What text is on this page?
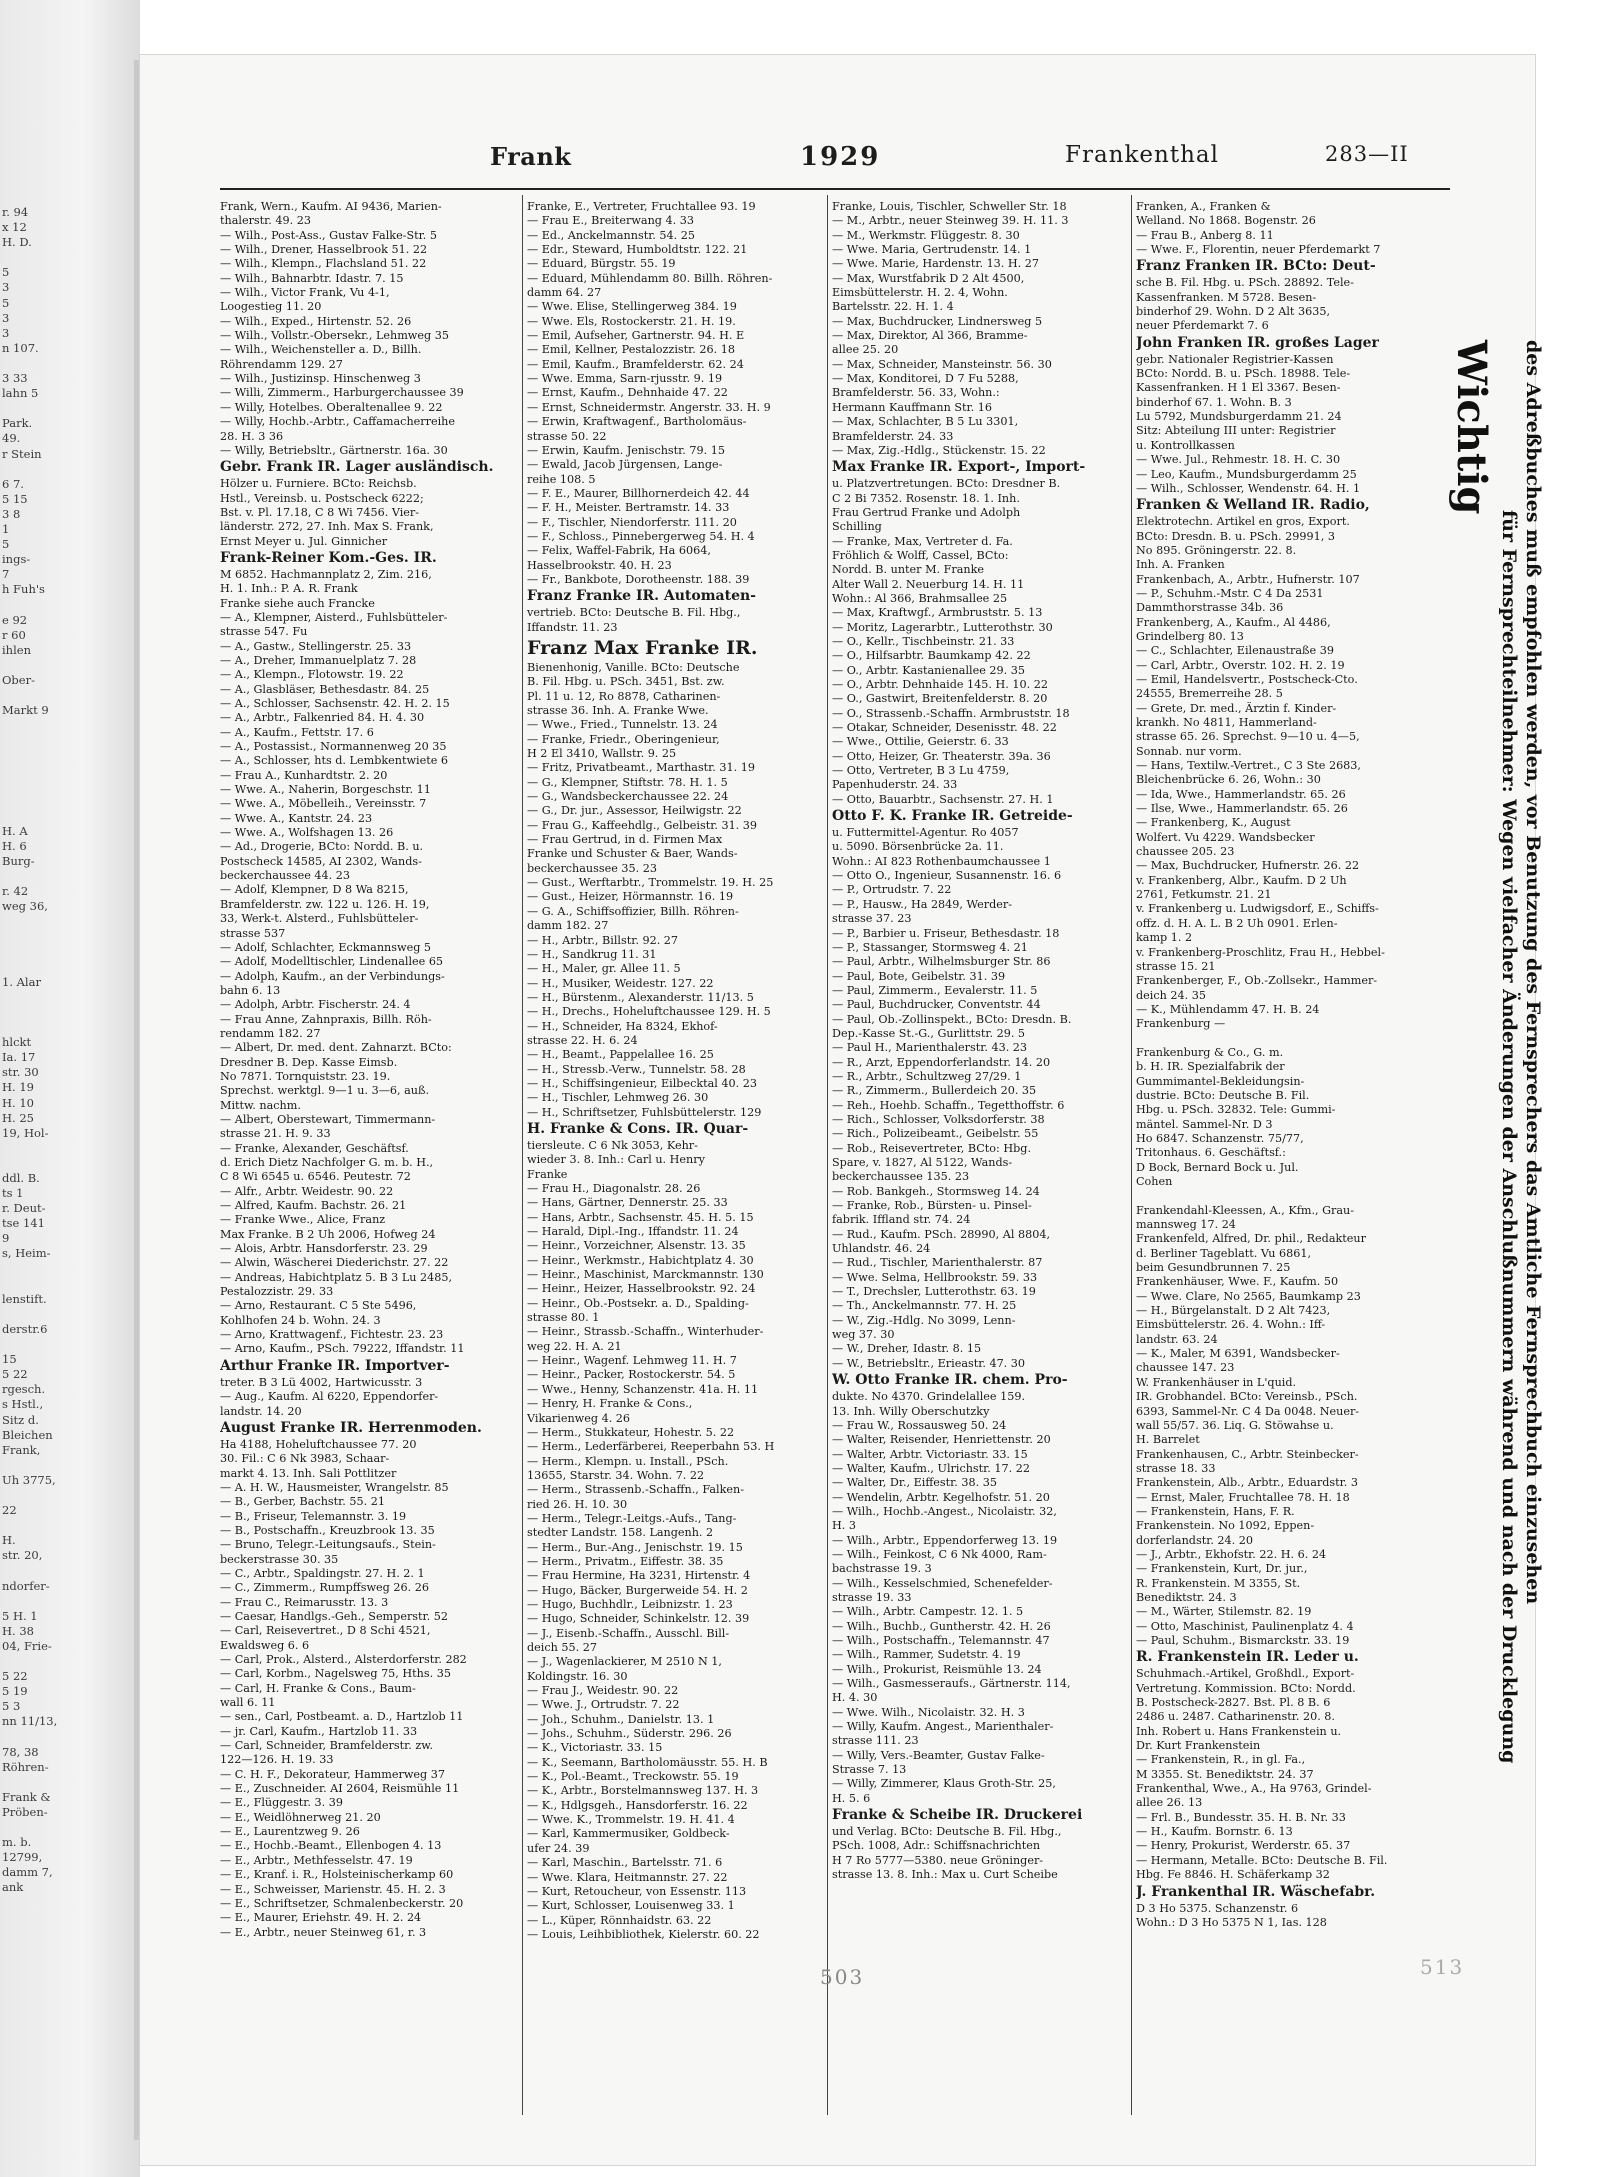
r. 94
x 12
H. D.
5
3
5
3
3
n 107.
3 33
lahn 5
Park.
49.
r Stein
6 7.
5 15
3 8
1
5
ings-
7
h Fuh's
e 92
r 60
ihlen
Ober-
Markt 9
H. A
H. 6
Burg-
r. 42
weg 36,
1. Alar
hlckt
Ia. 17
str. 30
H. 19
H. 10
H. 25
19, Hol-
ddl. B.
ts 1
r. Deut-
tse 141
9
s, Heim-
lenstift.
derstr.6
15
5 22
rgesch.
s Hstl.,
Sitz d.
Bleichen
Frank,
Uh 3775,
22
H.
str. 20,
ndorfer-
5 H. 1
H. 38
04, Frie-
5 22
5 19
5 3
nn 11/13,
78, 38
Röhren-
Frank &
Pröben-
m. b.
12799,
damm 7,
ank
Frank	1929	Frankenthal	283—II
Frank, Wern., Kaufm. AI 9436, Marien-
thalerstr. 49. 23
— Wilh., Post-Ass., Gustav Falke-Str. 5
— Wilh., Drener, Hasselbrook 51. 22
— Wilh., Klempn., Flachsland 51. 22
— Wilh., Bahnarbtr. Idastr. 7. 15
— Wilh., Victor Frank, Vu 4-1,
Loogestieg 11. 20
— Wilh., Exped., Hirtenstr. 52. 26
— Wilh., Vollstr.-Obersekr., Lehmweg 35
— Wilh., Weichensteller a. D., Billh.
Röhrendamm 129. 27
— Wilh., Justizinsp. Hinschenweg 3
— Willi, Zimmerm., Harburgerchaussee 39
— Willy, Hotelbes. Oberaltenallee 9. 22
— Willy, Hochb.-Arbtr., Caffamacherreihe
28. H. 3 36
— Willy, Betriebsltr., Gärtnerstr. 16a. 30
Gebr. Frank IR. Lager ausländisch.
Hölzer u. Furniere. BCto: Reichsb.
Hstl., Vereinsb. u. Postscheck 6222;
Bst. v. Pl. 17.18, C 8 Wi 7456. Vier-
länderstr. 272, 27. Inh. Max S. Frank,
Ernst Meyer u. Jul. Ginnicher
Frank-Reiner Kom.-Ges. IR.
M 6852. Hachmannplatz 2, Zim. 216,
H. 1. Inh.: P. A. R. Frank
Franke siehe auch Francke
— A., Klempner, Aisterd., Fuhlsbütteler-
strasse 547. Fu
— A., Gastw., Stellingerstr. 25. 33
— A., Dreher, Immanuelplatz 7. 28
— A., Klempn., Flotowstr. 19. 22
— A., Glasbläser, Bethesdastr. 84. 25
— A., Schlosser, Sachsenstr. 42. H. 2. 15
— A., Arbtr., Falkenried 84. H. 4. 30
— A., Kaufm., Fettstr. 17. 6
— A., Postassist., Normannenweg 20 35
— A., Schlosser, hts d. Lembkentwiete 6
— Frau A., Kunhardtstr. 2. 20
— Wwe. A., Naherin, Borgeschstr. 11
— Wwe. A., Möbelleih., Vereinsstr. 7
— Wwe. A., Kantstr. 24. 23
— Wwe. A., Wolfshagen 13. 26
— Ad., Drogerie, BCto: Nordd. B. u.
Postscheck 14585, AI 2302, Wands-
beckerchaussee 44. 23
— Adolf, Klempner, D 8 Wa 8215,
Bramfelderstr. zw. 122 u. 126. H. 19,
33, Werk-t. Alsterd., Fuhlsbütteler-
strasse 537
— Adolf, Schlachter, Eckmannsweg 5
— Adolf, Modelltischler, Lindenallee 65
— Adolph, Kaufm., an der Verbindungs-
bahn 6. 13
— Adolph, Arbtr. Fischerstr. 24. 4
— Frau Anne, Zahnpraxis, Billh. Röh-
rendamm 182. 27
— Albert, Dr. med. dent. Zahnarzt. BCto:
Dresdner B. Dep. Kasse Eimsb.
No 7871. Tornquiststr. 23. 19.
Sprechst. werktgl. 9—1 u. 3—6, auß.
Mittw. nachm.
— Albert, Oberstewart, Timmermann-
strasse 21. H. 9. 33
— Franke, Alexander, Geschäftsf.
d. Erich Dietz Nachfolger G. m. b. H.,
C 8 Wi 6545 u. 6546. Peutestr. 72
— Alfr., Arbtr. Weidestr. 90. 22
— Alfred, Kaufm. Bachstr. 26. 21
— Franke Wwe., Alice, Franz
Max Franke. B 2 Uh 2006, Hofweg 24
— Alois, Arbtr. Hansdorferstr. 23. 29
— Alwin, Wäscherei Diederichstr. 27. 22
— Andreas, Habichtplatz 5. B 3 Lu 2485,
Pestalozzistr. 29. 33
— Arno, Restaurant. C 5 Ste 5496,
Kohlhofen 24 b. Wohn. 24. 3
— Arno, Krattwagenf., Fichtestr. 23. 23
— Arno, Kaufm., PSch. 79222, Iffandstr. 11
Arthur Franke IR. Importver-
treter. B 3 Lü 4002, Hartwicusstr. 3
— Aug., Kaufm. Al 6220, Eppendorfer-
landstr. 14. 20
August Franke IR. Herrenmoden.
Ha 4188, Hoheluftchaussee 77. 20
30. Fil.: C 6 Nk 3983, Schaar-
markt 4. 13. Inh. Sali Pottlitzer
— A. H. W., Hausmeister, Wrangelstr. 85
— B., Gerber, Bachstr. 55. 21
— B., Friseur, Telemannstr. 3. 19
— B., Postschaffn., Kreuzbrook 13. 35
— Bruno, Telegr.-Leitungsaufs., Stein-
beckerstrasse 30. 35
— C., Arbtr., Spaldingstr. 27. H. 2. 1
— C., Zimmerm., Rumpffsweg 26. 26
— Frau C., Reimarusstr. 13. 3
— Caesar, Handlgs.-Geh., Semperstr. 52
— Carl, Reisevertret., D 8 Schi 4521,
Ewaldsweg 6. 6
— Carl, Prok., Alsterd., Alsterdorferstr. 282
— Carl, Korbm., Nagelsweg 75, Hths. 35
— Carl, H. Franke & Cons., Baum-
wall 6. 11
— sen., Carl, Postbeamt. a. D., Hartzlob 11
— jr. Carl, Kaufm., Hartzlob 11. 33
— Carl, Schneider, Bramfelderstr. zw.
122—126. H. 19. 33
— C. H. F., Dekorateur, Hammerweg 37
— E., Zuschneider. AI 2604, Reismühle 11
— E., Flüggestr. 3. 39
— E., Weidlöhnerweg 21. 20
— E., Laurentzweg 9. 26
— E., Hochb.-Beamt., Ellenbogen 4. 13
— E., Arbtr., Methfesselstr. 47. 19
— E., Kranf. i. R., Holsteinischerkamp 60
— E., Schweisser, Marienstr. 45. H. 2. 3
— E., Schriftsetzer, Schmalenbeckerstr. 20
— E., Maurer, Eriehstr. 49. H. 2. 24
— E., Arbtr., neuer Steinweg 61, r. 3
Franke, E., Vertreter, Fruchtallee 93. 19
— Frau E., Breiterwang 4. 33
— Ed., Anckelmannstr. 54. 25
— Edr., Steward, Humboldtstr. 122. 21
— Eduard, Bürgstr. 55. 19
— Eduard, Mühlendamm 80. Billh. Röhren-
damm 64. 27
— Wwe. Elise, Stellingerweg 384. 19
— Wwe. Els, Rostockerstr. 21. H. 19.
— Emil, Aufseher, Gartnerstr. 94. H. E
— Emil, Kellner, Pestalozzistr. 26. 18
— Emil, Kaufm., Bramfelderstr. 62. 24
— Wwe. Emma, Sarn-rjusstr. 9. 19
— Ernst, Kaufm., Dehnhaide 47. 22
— Ernst, Schneidermstr. Angerstr. 33. H. 9
— Erwin, Kraftwagenf., Bartholomäus-
strasse 50. 22
— Erwin, Kaufm. Jenischstr. 79. 15
— Ewald, Jacob Jürgensen, Lange-
reihe 108. 5
— F. E., Maurer, Billhornerdeich 42. 44
— F. H., Meister. Bertramstr. 14. 33
— F., Tischler, Niendorferstr. 111. 20
— F., Schloss., Pinnebergerweg 54. H. 4
— Felix, Waffel-Fabrik, Ha 6064,
Hasselbrookstr. 40. H. 23
— Fr., Bankbote, Dorotheenstr. 188. 39
Franz Franke IR. Automaten-
vertrieb. BCto: Deutsche B. Fil. Hbg.,
Iffandstr. 11. 23
Franz Max Franke IR.
Bienenhonig, Vanille. BCto: Deutsche
B. Fil. Hbg. u. PSch. 3451, Bst. zw.
Pl. 11 u. 12, Ro 8878, Catharinen-
strasse 36. Inh. A. Franke Wwe.
— Wwe., Fried., Tunnelstr. 13. 24
— Franke, Friedr., Oberingenieur,
H 2 El 3410, Wallstr. 9. 25
— Fritz, Privatbeamt., Marthastr. 31. 19
— G., Klempner, Stiftstr. 78. H. 1. 5
— G., Wandsbeckerchaussee 22. 24
— G., Dr. jur., Assessor, Heilwigstr. 22
— Frau G., Kaffeehdlg., Gelbeistr. 31. 39
— Frau Gertrud, in d. Firmen Max
Franke und Schuster & Baer, Wands-
beckerchaussee 35. 23
— Gust., Werftarbtr., Trommelstr. 19. H. 25
— Gust., Heizer, Hörmannstr. 16. 19
— G. A., Schiffsoffizier, Billh. Röhren-
damm 182. 27
— H., Arbtr., Billstr. 92. 27
— H., Sandkrug 11. 31
— H., Maler, gr. Allee 11. 5
— H., Musiker, Weidestr. 127. 22
— H., Bürstenm., Alexanderstr. 11/13. 5
— H., Drechs., Hoheluftchaussee 129. H. 5
— H., Schneider, Ha 8324, Ekhof-
strasse 22. H. 6. 24
— H., Beamt., Pappelallee 16. 25
— H., Stressb.-Verw., Tunnelstr. 58. 28
— H., Schiffsingenieur, Eilbecktal 40. 23
— H., Tischler, Lehmweg 26. 30
— H., Schriftsetzer, Fuhlsbüttelerstr. 129
H. Franke & Cons. IR. Quar-
tiersleute. C 6 Nk 3053, Kehr-
wieder 3. 8. Inh.: Carl u. Henry
Franke
— Frau H., Diagonalstr. 28. 26
— Hans, Gärtner, Dennerstr. 25. 33
— Hans, Arbtr., Sachsenstr. 45. H. 5. 15
— Harald, Dipl.-Ing., Iffandstr. 11. 24
— Heinr., Vorzeichner, Alsenstr. 13. 35
— Heinr., Werkmstr., Habichtplatz 4. 30
— Heinr., Maschinist, Marckmannstr. 130
— Heinr., Heizer, Hasselbrookstr. 92. 24
— Heinr., Ob.-Postsekr. a. D., Spalding-
strasse 80. 1
— Heinr., Strassb.-Schaffn., Winterhuder-
weg 22. H. A. 21
— Heinr., Wagenf. Lehmweg 11. H. 7
— Heinr., Packer, Rostockerstr. 54. 5
— Wwe., Henny, Schanzenstr. 41a. H. 11
— Henry, H. Franke & Cons.,
Vikarienweg 4. 26
— Herm., Stukkateur, Hohestr. 5. 22
— Herm., Lederfärberei, Reeperbahn 53. H
— Herm., Klempn. u. Install., PSch.
13655, Starstr. 34. Wohn. 7. 22
— Herm., Strassenb.-Schaffn., Falken-
ried 26. H. 10. 30
— Herm., Telegr.-Leitgs.-Aufs., Tang-
stedter Landstr. 158. Langenh. 2
— Herm., Bur.-Ang., Jenischstr. 19. 15
— Herm., Privatm., Eiffestr. 38. 35
— Frau Hermine, Ha 3231, Hirtenstr. 4
— Hugo, Bäcker, Burgerweide 54. H. 2
— Hugo, Buchhdlr., Leibnizstr. 1. 23
— Hugo, Schneider, Schinkelstr. 12. 39
— J., Eisenb.-Schaffn., Ausschl. Bill-
deich 55. 27
— J., Wagenlackierer, M 2510 N 1,
Koldingstr. 16. 30
— Frau J., Weidestr. 90. 22
— Wwe. J., Ortrudstr. 7. 22
— Joh., Schuhm., Danielstr. 13. 1
— Johs., Schuhm., Süderstr. 296. 26
— K., Victoriastr. 33. 15
— K., Seemann, Bartholomäusstr. 55. H. B
— K., Pol.-Beamt., Treckowstr. 55. 19
— K., Arbtr., Borstelmannsweg 137. H. 3
— K., Hdlgsgeh., Hansdorferstr. 16. 22
— Wwe. K., Trommelstr. 19. H. 41. 4
— Karl, Kammermusiker, Goldbeck-
ufer 24. 39
— Karl, Maschin., Bartelsstr. 71. 6
— Wwe. Klara, Heitmannstr. 27. 22
— Kurt, Retoucheur, von Essenstr. 113
— Kurt, Schlosser, Louisenweg 33. 1
— L., Küper, Rönnhaidstr. 63. 22
— Louis, Leihbibliothek, Kielerstr. 60. 22
Franke, Louis, Tischler, Schweller Str. 18
— M., Arbtr., neuer Steinweg 39. H. 11. 3
— M., Werkmstr. Flüggestr. 8. 30
— Wwe. Maria, Gertrudenstr. 14. 1
— Wwe. Marie, Hardenstr. 13. H. 27
— Max, Wurstfabrik D 2 Alt 4500,
Eimsbüttelerstr. H. 2. 4, Wohn.
Bartelsstr. 22. H. 1. 4
— Max, Buchdrucker, Lindnersweg 5
— Max, Direktor, Al 366, Bramme-
allee 25. 20
— Max, Schneider, Mansteinstr. 56. 30
— Max, Konditorei, D 7 Fu 5288,
Bramfelderstr. 56. 33, Wohn.:
Hermann Kauffmann Str. 16
— Max, Schlachter, B 5 Lu 3301,
Bramfelderstr. 24. 33
— Max, Zig.-Hdlg., Stückenstr. 15. 22
Max Franke IR. Export-, Import-
u. Platzvertretungen. BCto: Dresdner B.
C 2 Bi 7352. Rosenstr. 18. 1. Inh.
Frau Gertrud Franke und Adolph
Schilling
— Franke, Max, Vertreter d. Fa.
Fröhlich & Wolff, Cassel, BCto:
Nordd. B. unter M. Franke
Alter Wall 2. Neuerburg 14. H. 11
Wohn.: Al 366, Brahmsallee 25
— Max, Kraftwgf., Armbruststr. 5. 13
— Moritz, Lagerarbtr., Lutterothstr. 30
— O., Kellr., Tischbeinstr. 21. 33
— O., Hilfsarbtr. Baumkamp 42. 22
— O., Arbtr. Kastanienallee 29. 35
— O., Arbtr. Dehnhaide 145. H. 10. 22
— O., Gastwirt, Breitenfelderstr. 8. 20
— O., Strassenb.-Schaffn. Armbruststr. 18
— Otakar, Schneider, Desenisstr. 48. 22
— Wwe., Ottilie, Geierstr. 6. 33
— Otto, Heizer, Gr. Theaterstr. 39a. 36
— Otto, Vertreter, B 3 Lu 4759,
Papenhuderstr. 24. 33
— Otto, Bauarbtr., Sachsenstr. 27. H. 1
Otto F. K. Franke IR. Getreide-
u. Futtermittel-Agentur. Ro 4057
u. 5090. Börsenbrücke 2a. 11.
Wohn.: AI 823 Rothenbaumchaussee 1
— Otto O., Ingenieur, Susannenstr. 16. 6
— P., Ortrudstr. 7. 22
— P., Hausw., Ha 2849, Werder-
strasse 37. 23
— P., Barbier u. Friseur, Bethesdastr. 18
— P., Stassanger, Stormsweg 4. 21
— Paul, Arbtr., Wilhelmsburger Str. 86
— Paul, Bote, Geibelstr. 31. 39
— Paul, Zimmerm., Eevalerstr. 11. 5
— Paul, Buchdrucker, Conventstr. 44
— Paul, Ob.-Zollinspekt., BCto: Dresdn. B.
Dep.-Kasse St.-G., Gurlittstr. 29. 5
— Paul H., Marienthalerstr. 43. 23
— R., Arzt, Eppendorferlandstr. 14. 20
— R., Arbtr., Schultzweg 27/29. 1
— R., Zimmerm., Bullerdeich 20. 35
— Reh., Hoehb. Schaffn., Tegetthoffstr. 6
— Rich., Schlosser, Volksdorferstr. 38
— Rich., Polizeibeamt., Geibelstr. 55
— Rob., Reisevertreter, BCto: Hbg.
Spare, v. 1827, Al 5122, Wands-
beckerchaussee 135. 23
— Rob. Bankgeh., Stormsweg 14. 24
— Franke, Rob., Bürsten- u. Pinsel-
fabrik. Iffland str. 74. 24
— Rud., Kaufm. PSch. 28990, Al 8804,
Uhlandstr. 46. 24
— Rud., Tischler, Marienthalerstr. 87
— Wwe. Selma, Hellbrookstr. 59. 33
— T., Drechsler, Lutterothstr. 63. 19
— Th., Anckelmannstr. 77. H. 25
— W., Zig.-Hdlg. No 3099, Lenn-
weg 37. 30
— W., Dreher, Idastr. 8. 15
— W., Betriebsltr., Erieastr. 47. 30
W. Otto Franke IR. chem. Pro-
dukte. No 4370. Grindelallee 159.
13. Inh. Willy Oberschutzky
— Frau W., Rossausweg 50. 24
— Walter, Reisender, Henriettenstr. 20
— Walter, Arbtr. Victoriastr. 33. 15
— Walter, Kaufm., Ulrichstr. 17. 22
— Walter, Dr., Eiffestr. 38. 35
— Wendelin, Arbtr. Kegelhofstr. 51. 20
— Wilh., Hochb.-Angest., Nicolaistr. 32,
H. 3
— Wilh., Arbtr., Eppendorferweg 13. 19
— Wilh., Feinkost, C 6 Nk 4000, Ram-
bachstrasse 19. 3
— Wilh., Kesselschmied, Schenefelder-
strasse 19. 33
— Wilh., Arbtr. Campestr. 12. 1. 5
— Wilh., Buchb., Guntherstr. 42. H. 26
— Wilh., Postschaffn., Telemannstr. 47
— Wilh., Rammer, Sudetstr. 4. 19
— Wilh., Prokurist, Reismühle 13. 24
— Wilh., Gasmesseraufs., Gärtnerstr. 114,
H. 4. 30
— Wwe. Wilh., Nicolaistr. 32. H. 3
— Willy, Kaufm. Angest., Marienthaler-
strasse 111. 23
— Willy, Vers.-Beamter, Gustav Falke-
Strasse 7. 13
— Willy, Zimmerer, Klaus Groth-Str. 25,
H. 5. 6
Franke & Scheibe IR. Druckerei
und Verlag. BCto: Deutsche B. Fil. Hbg.,
PSch. 1008, Adr.: Schiffsnachrichten
H 7 Ro 5777—5380. neue Gröninger-
strasse 13. 8. Inh.: Max u. Curt Scheibe
Franken, A., Franken &
Welland. No 1868. Bogenstr. 26
— Frau B., Anberg 8. 11
— Wwe. F., Florentin, neuer Pferdemarkt 7
Franz Franken IR. BCto: Deut-
sche B. Fil. Hbg. u. PSch. 28892. Tele-
Kassenfranken. M 5728. Besen-
binderhof 29. Wohn. D 2 Alt 3635,
neuer Pferdemarkt 7. 6
John Franken IR. großes Lager
gebr. Nationaler Registrier-Kassen
BCto: Nordd. B. u. PSch. 18988. Tele-
Kassenfranken. H 1 El 3367. Besen-
binderhof 67. 1. Wohn. B. 3
Lu 5792, Mundsburgerdamm 21. 24
Sitz: Abteilung III unter: Registrier
u. Kontrollkassen
— Wwe. Jul., Rehmestr. 18. H. C. 30
— Leo, Kaufm., Mundsburgerdamm 25
— Wilh., Schlosser, Wendenstr. 64. H. 1
Franken & Welland IR. Radio,
Elektrotechn. Artikel en gros, Export.
BCto: Dresdn. B. u. PSch. 29991, 3
No 895. Gröningerstr. 22. 8.
Inh. A. Franken
Frankenbach, A., Arbtr., Hufnerstr. 107
— P., Schuhm.-Mstr. C 4 Da 2531
Dammthorstrasse 34b. 36
Frankenberg, A., Kaufm., Al 4486,
Grindelberg 80. 13
— C., Schlachter, Eilenaustraße 39
— Carl, Arbtr., Overstr. 102. H. 2. 19
— Emil, Handelsvertr., Postscheck-Cto.
24555, Bremerreihe 28. 5
— Grete, Dr. med., Ärztin f. Kinder-
krankh. No 4811, Hammerland-
strasse 65. 26. Sprechst. 9—10 u. 4—5,
Sonnab. nur vorm.
— Hans, Textilw.-Vertret., C 3 Ste 2683,
Bleichenbrücke 6. 26, Wohn.: 30
— Ida, Wwe., Hammerlandstr. 65. 26
— Ilse, Wwe., Hammerlandstr. 65. 26
— Frankenberg, K., August
Wolfert. Vu 4229. Wandsbecker
chaussee 205. 23
— Max, Buchdrucker, Hufnerstr. 26. 22
v. Frankenberg, Albr., Kaufm. D 2 Uh
2761, Fetkumstr. 21. 21
v. Frankenberg u. Ludwigsdorf, E., Schiffs-
offz. d. H. A. L. B 2 Uh 0901. Erlen-
kamp 1. 2
v. Frankenberg-Proschlitz, Frau H., Hebbel-
strasse 15. 21
Frankenberger, F., Ob.-Zollsekr., Hammer-
deich 24. 35
— K., Mühlendamm 47. H. B. 24
Frankenburg —
Frankenburg & Co., G. m.
b. H. IR. Spezialfabrik der
Gummimantel-Bekleidungsin-
dustrie. BCto: Deutsche B. Fil.
Hbg. u. PSch. 32832. Tele: Gummi-
mäntel. Sammel-Nr. D 3
Ho 6847. Schanzenstr. 75/77,
Tritonhaus. 6. Geschäftsf.:
D Bock, Bernard Bock u. Jul.
Cohen
Frankendahl-Kleessen, A., Kfm., Grau-
mannsweg 17. 24
Frankenfeld, Alfred, Dr. phil., Redakteur
d. Berliner Tageblatt. Vu 6861,
beim Gesundbrunnen 7. 25
Frankenhäuser, Wwe. F., Kaufm. 50
— Wwe. Clare, No 2565, Baumkamp 23
— H., Bürgelanstalt. D 2 Alt 7423,
Eimsbüttelerstr. 26. 4. Wohn.: Iff-
landstr. 63. 24
— K., Maler, M 6391, Wandsbecker-
chaussee 147. 23
W. Frankenhäuser in L'quid.
IR. Grobhandel. BCto: Vereinsb., PSch.
6393, Sammel-Nr. C 4 Da 0048. Neuer-
wall 55/57. 36. Liq. G. Stöwahse u.
H. Barrelet
Frankenhausen, C., Arbtr. Steinbecker-
strasse 18. 33
Frankenstein, Alb., Arbtr., Eduardstr. 3
— Ernst, Maler, Fruchtallee 78. H. 18
— Frankenstein, Hans, F. R.
Frankenstein. No 1092, Eppen-
dorferlandstr. 24. 20
— J., Arbtr., Ekhofstr. 22. H. 6. 24
— Frankenstein, Kurt, Dr. jur.,
R. Frankenstein. M 3355, St.
Benediktstr. 24. 3
— M., Wärter, Stilemstr. 82. 19
— Otto, Maschinist, Paulinenplatz 4. 4
— Paul, Schuhm., Bismarckstr. 33. 19
R. Frankenstein IR. Leder u.
Schuhmach.-Artikel, Großhdl., Export-
Vertretung. Kommission. BCto: Nordd.
B. Postscheck-2827. Bst. Pl. 8 B. 6
2486 u. 2487. Catharinenstr. 20. 8.
Inh. Robert u. Hans Frankenstein u.
Dr. Kurt Frankenstein
— Frankenstein, R., in gl. Fa.,
M 3355. St. Benediktstr. 24. 37
Frankenthal, Wwe., A., Ha 9763, Grindel-
allee 26. 13
— Frl. B., Bundesstr. 35. H. B. Nr. 33
— H., Kaufm. Bornstr. 6. 13
— Henry, Prokurist, Werderstr. 65. 37
— Hermann, Metalle. BCto: Deutsche B. Fil.
Hbg. Fe 8846. H. Schäferkamp 32
J. Frankenthal IR. Wäschefabr.
D 3 Ho 5375. Schanzenstr. 6
Wohn.: D 3 Ho 5375 N 1, Ias. 128
Wichtig
für Fernsprechteilnehmer: Wegen vielfacher Änderungen der Anschlußnummern während und nach der Drucklegung des Adreßbuches muß empfohlen werden, vor Benutzung des Fernsprechers das Amtliche Fernsprechbuch einzusehen
503	513
